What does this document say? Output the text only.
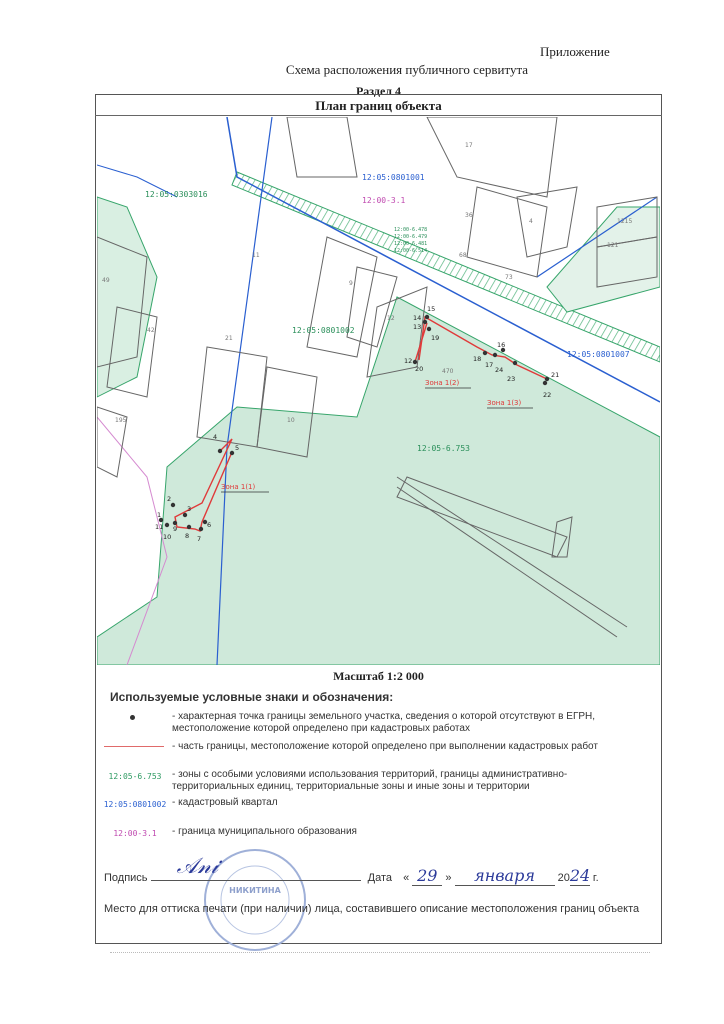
Приложение
Схема расположения публичного сервитута
Раздел 4
План границ объекта
12:05:0303016
12:05:0801001
12:05:0801002
12:05:0801007
12:00-3.1
12:05-6.753
12:00-6.478
12:00-6.479
12:00-6.481
12:00-6.514
17
36
4
68
73
49
42
11
21
10
12
195
470
9
1215
121
1
2
3
4
5
6
7
8
9
10
11
12
13
14
15
16
17
18
19
20
21
22
23
24
Зона 1(1)
Зона 1(2)
Зона 1(3)
Масштаб 1:2 000
Используемые условные знаки и обозначения:
- характерная точка границы земельного участка, сведения о которой отсутствуют в ЕГРН, местоположение которой определено при кадастровых работах
- часть границы, местоположение которой определено при выполнении кадастровых работ
12:05-6.753	- зоны с особыми условиями использования территорий, границы административно-территориальных единиц, территориальные зоны и иные зоны и территории
12:05:0801002 - кадастровый квартал
12:00-3.1	- граница муниципального образования
НИКИТИНА
Подпись 𝒜𝓃𝒾	Дата « 29 » января 2024 г.
Место для оттиска печати (при наличии) лица, составившего описание местоположения границ объекта
